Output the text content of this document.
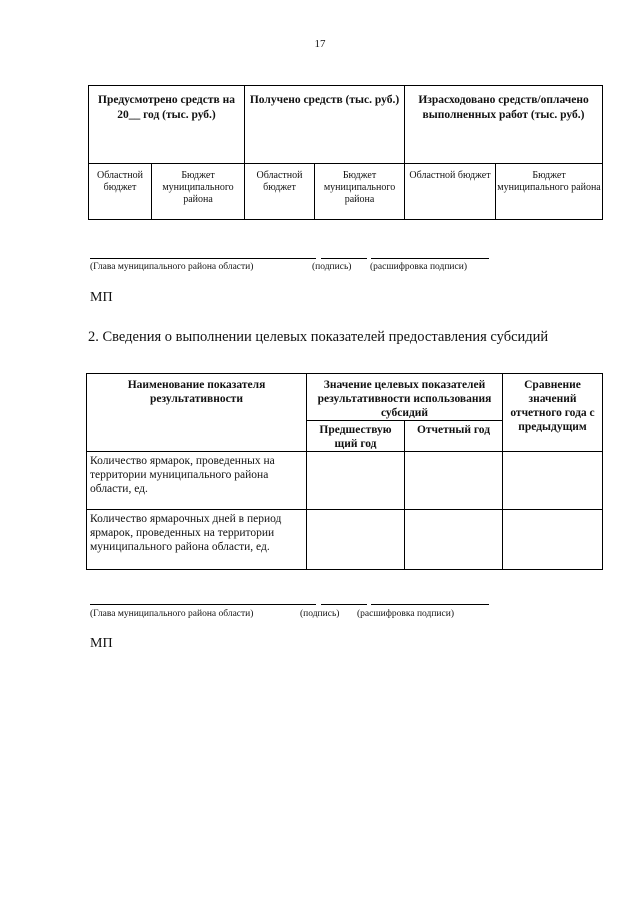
17
Предусмотрено средств на 20__ год (тыс. руб.)		Получено средств (тыс. руб.)		Израсходовано средств/оплачено выполненных работ (тыс. руб.)	
Областной бюджет	Бюджет муниципального района	Областной бюджет	Бюджет муниципального района	Областной бюджет	Бюджет муниципального района
(Глава муниципального района области)	(подпись) (расшифровка подписи)
МП
2. Сведения о выполнении целевых показателей предоставления субсидий
Наименование показателя результативности	Значение целевых показателей результативности использования субсидий		Сравнение значений отчетного года с предыдущим
	Предшествую щий год	Отчетный год	
Количество ярмарок, проведенных на территории муниципального района области, ед.			
Количество ярмарочных дней в период ярмарок, проведенных на территории муниципального района области, ед.			
(Глава муниципального района области)	(подпись) (расшифровка подписи)
МП
